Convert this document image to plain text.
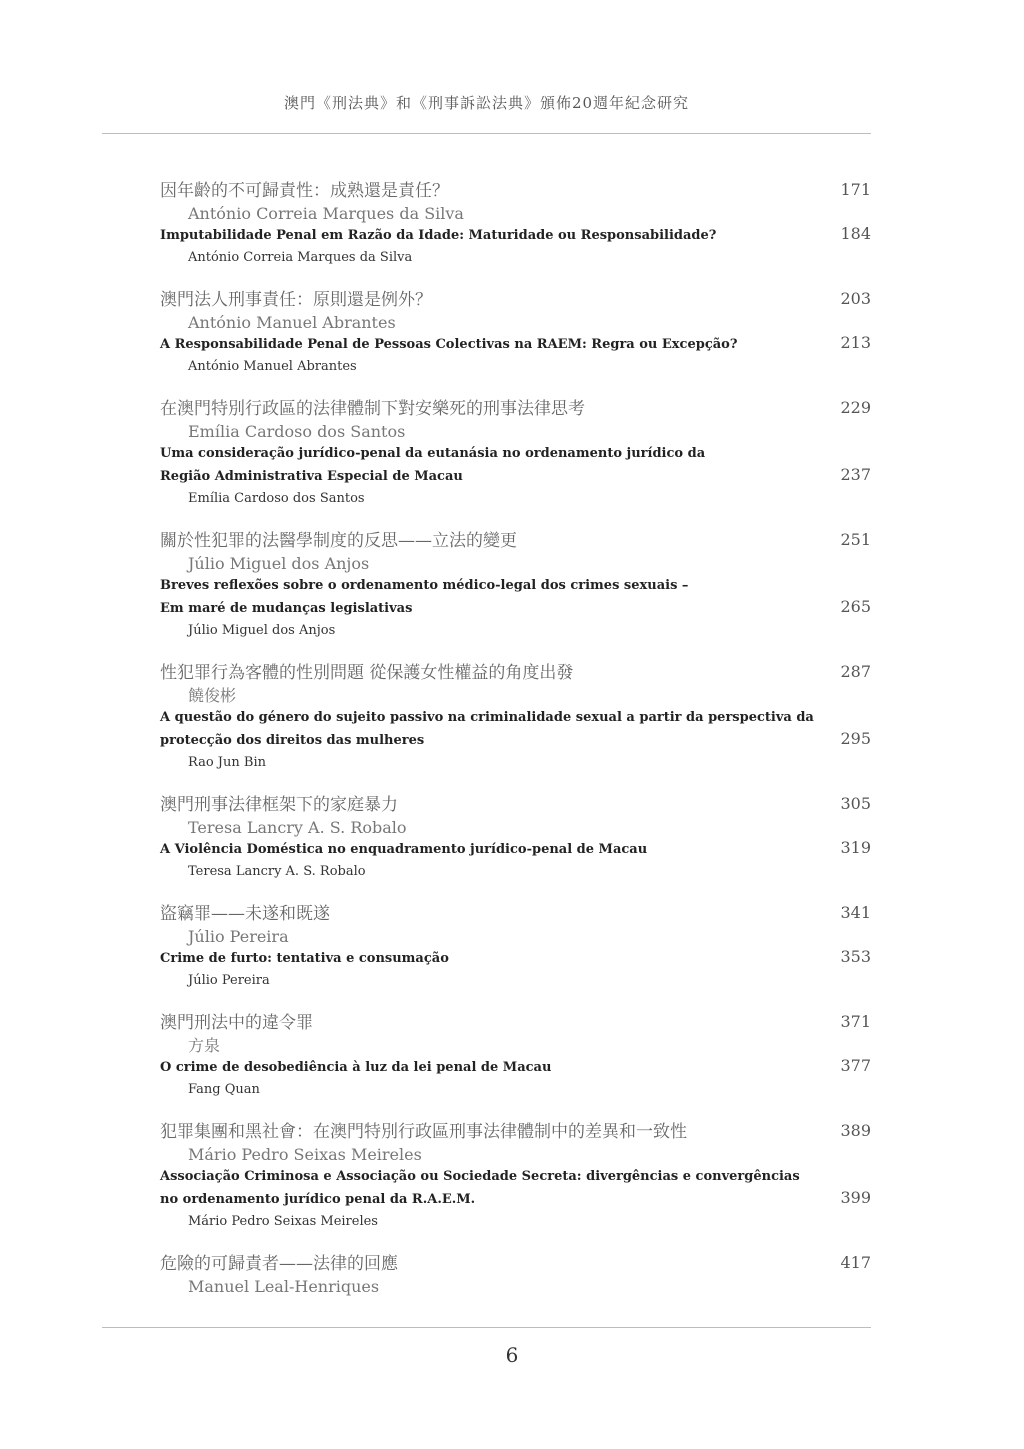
澳門《刑法典》和《刑事訴訟法典》頒佈20週年紀念研究
因年齡的不可歸責性：成熟還是責任？	171
António Correia Marques da Silva
Imputabilidade Penal em Razão da Idade: Maturidade ou Responsabilidade?	184
António Correia Marques da Silva
澳門法人刑事責任：原則還是例外？	203
António Manuel Abrantes
A Responsabilidade Penal de Pessoas Colectivas na RAEM: Regra ou Excepção?	213
António Manuel Abrantes
在澳門特別行政區的法律體制下對安樂死的刑事法律思考	229
Emília Cardoso dos Santos
Uma consideração jurídico-penal da eutanásia no ordenamento jurídico da
Região Administrativa Especial de Macau	237
Emília Cardoso dos Santos
關於性犯罪的法醫學制度的反思——立法的變更	251
Júlio Miguel dos Anjos
Breves reflexões sobre o ordenamento médico-legal dos crimes sexuais –
Em maré de mudanças legislativas	265
Júlio Miguel dos Anjos
性犯罪行為客體的性別問題 從保護女性權益的角度出發	287
饒俊彬
A questão do género do sujeito passivo na criminalidade sexual a partir da perspectiva da
protecção dos direitos das mulheres	295
Rao Jun Bin
澳門刑事法律框架下的家庭暴力	305
Teresa Lancry A. S. Robalo
A Violência Doméstica no enquadramento jurídico-penal de Macau	319
Teresa Lancry A. S. Robalo
盜竊罪——未遂和既遂	341
Júlio Pereira
Crime de furto: tentativa e consumação	353
Júlio Pereira
澳門刑法中的違令罪	371
方泉
O crime de desobediência à luz da lei penal de Macau	377
Fang Quan
犯罪集團和黑社會：在澳門特別行政區刑事法律體制中的差異和一致性	389
Mário Pedro Seixas Meireles
Associação Criminosa e Associação ou Sociedade Secreta: divergências e convergências
no ordenamento jurídico penal da R.A.E.M.	399
Mário Pedro Seixas Meireles
危險的可歸責者——法律的回應	417
Manuel Leal-Henriques
6
